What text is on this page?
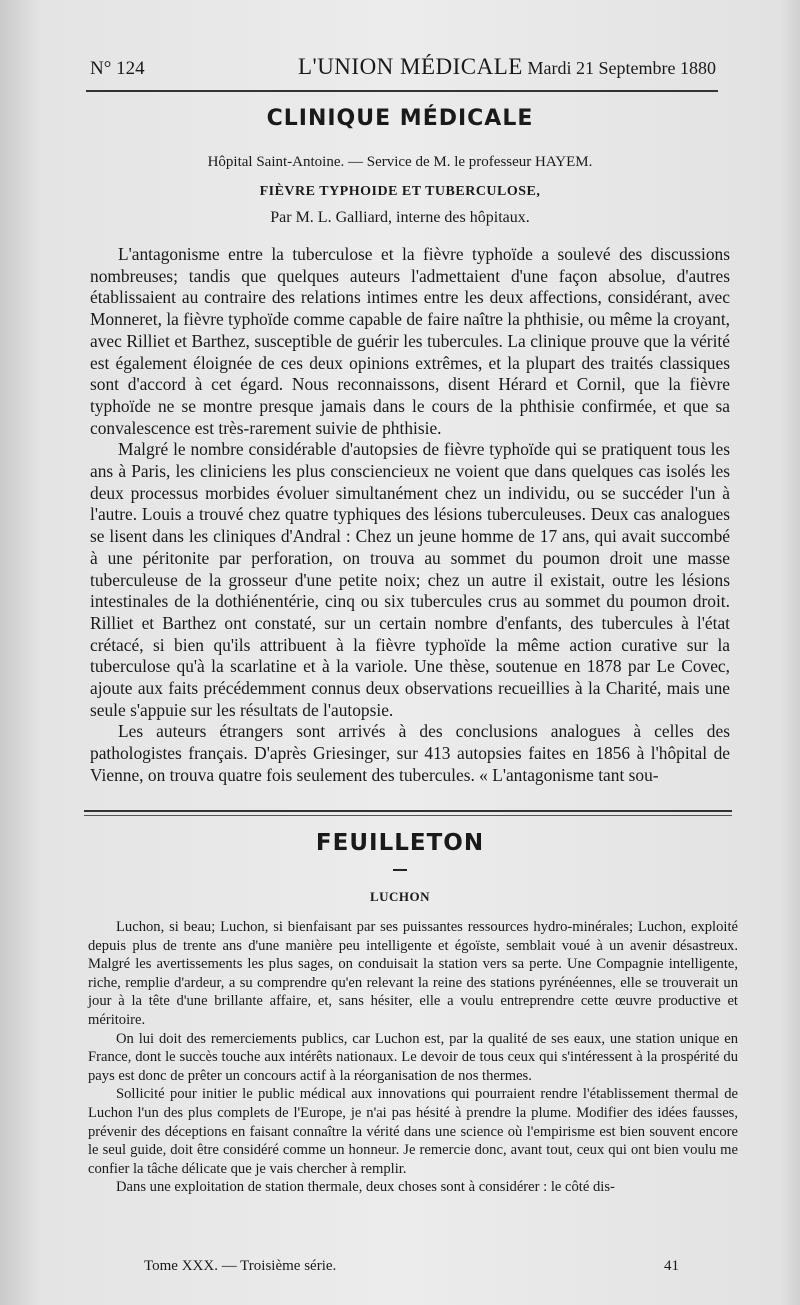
N° 124	L'UNION MÉDICALE Mardi 21 Septembre 1880
CLINIQUE MÉDICALE
Hôpital Saint-Antoine. — Service de M. le professeur HAYEM.
FIÈVRE TYPHOIDE ET TUBERCULOSE,
Par M. L. Galliard, interne des hôpitaux.

L'antagonisme entre la tuberculose et la fièvre typhoïde a soulevé des discussions nombreuses; tandis que quelques auteurs l'admettaient d'une façon absolue, d'autres établissaient au contraire des relations intimes entre les deux affections, considérant, avec Monneret, la fièvre typhoïde comme capable de faire naître la phthisie, ou même la croyant, avec Rilliet et Barthez, susceptible de guérir les tubercules. La clinique prouve que la vérité est également éloignée de ces deux opinions extrêmes, et la plupart des traités classiques sont d'accord à cet égard. Nous reconnaissons, disent Hérard et Cornil, que la fièvre typhoïde ne se montre presque jamais dans le cours de la phthisie confirmée, et que sa convalescence est très-rarement suivie de phthisie.

Malgré le nombre considérable d'autopsies de fièvre typhoïde qui se pratiquent tous les ans à Paris, les cliniciens les plus consciencieux ne voient que dans quelques cas isolés les deux processus morbides évoluer simultanément chez un individu, ou se succéder l'un à l'autre. Louis a trouvé chez quatre typhiques des lésions tuberculeuses. Deux cas analogues se lisent dans les cliniques d'Andral : Chez un jeune homme de 17 ans, qui avait succombé à une péritonite par perforation, on trouva au sommet du poumon droit une masse tuberculeuse de la grosseur d'une petite noix; chez un autre il existait, outre les lésions intestinales de la dothiénentérie, cinq ou six tubercules crus au sommet du poumon droit. Rilliet et Barthez ont constaté, sur un certain nombre d'enfants, des tubercules à l'état crétacé, si bien qu'ils attribuent à la fièvre typhoïde la même action curative sur la tuberculose qu'à la scarlatine et à la variole. Une thèse, soutenue en 1878 par Le Covec, ajoute aux faits précédemment connus deux observations recueillies à la Charité, mais une seule s'appuie sur les résultats de l'autopsie.

Les auteurs étrangers sont arrivés à des conclusions analogues à celles des pathologistes français. D'après Griesinger, sur 413 autopsies faites en 1856 à l'hôpital de Vienne, on trouva quatre fois seulement des tubercules. « L'antagonisme tant sou-

FEUILLETON
LUCHON

Luchon, si beau; Luchon, si bienfaisant par ses puissantes ressources hydro-minérales; Luchon, exploité depuis plus de trente ans d'une manière peu intelligente et égoïste, semblait voué à un avenir désastreux. Malgré les avertissements les plus sages, on conduisait la station vers sa perte. Une Compagnie intelligente, riche, remplie d'ardeur, a su comprendre qu'en relevant la reine des stations pyrénéennes, elle se trouverait un jour à la tête d'une brillante affaire, et, sans hésiter, elle a voulu entreprendre cette œuvre productive et méritoire.

On lui doit des remerciements publics, car Luchon est, par la qualité de ses eaux, une station unique en France, dont le succès touche aux intérêts nationaux. Le devoir de tous ceux qui s'intéressent à la prospérité du pays est donc de prêter un concours actif à la réorganisation de nos thermes.

Sollicité pour initier le public médical aux innovations qui pourraient rendre l'établissement thermal de Luchon l'un des plus complets de l'Europe, je n'ai pas hésité à prendre la plume. Modifier des idées fausses, prévenir des déceptions en faisant connaître la vérité dans une science où l'empirisme est bien souvent encore le seul guide, doit être considéré comme un honneur. Je remercie donc, avant tout, ceux qui ont bien voulu me confier la tâche délicate que je vais chercher à remplir.

Dans une exploitation de station thermale, deux choses sont à considérer : le côté dis-

Tome XXX. — Troisième série.	41
